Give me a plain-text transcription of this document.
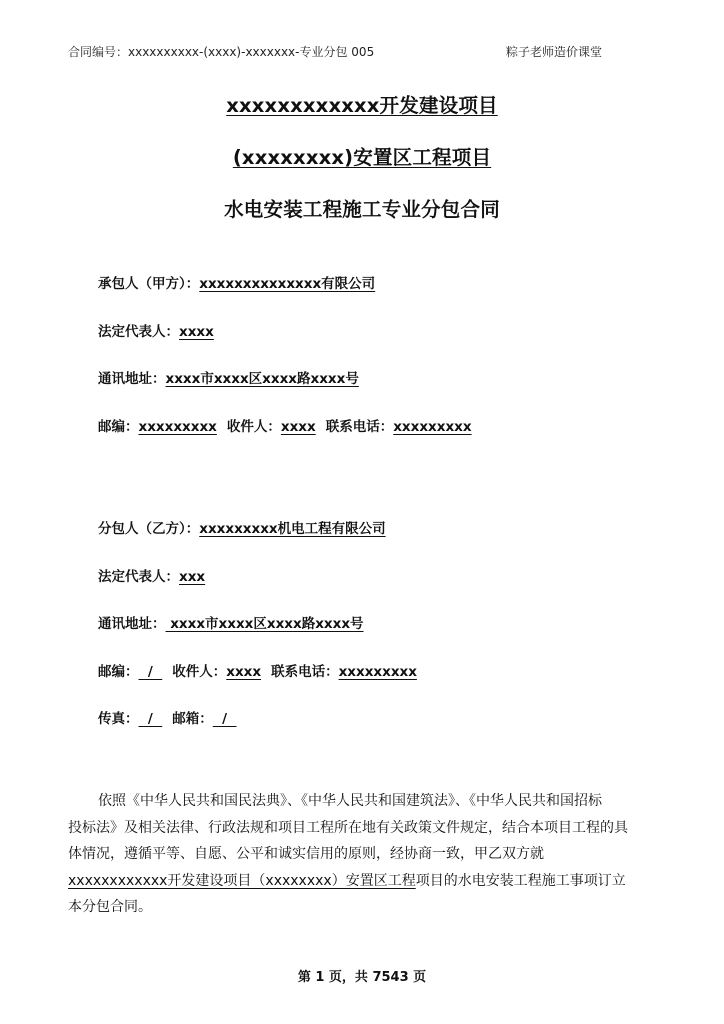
合同编号：xxxxxxxxxx-(xxxx)-xxxxxxx-专业分包 005	粽子老师造价课堂
xxxxxxxxxxxx开发建设项目
(xxxxxxxx)安置区工程项目
水电安装工程施工专业分包合同
承包人（甲方）：xxxxxxxxxxxxxx有限公司
法定代表人：xxxx
通讯地址：xxxx市xxxx区xxxx路xxxx号
邮编：xxxxxxxxx 收件人：xxxx 联系电话：xxxxxxxxx
分包人（乙方）：xxxxxxxxx机电工程有限公司
法定代表人：xxx
通讯地址： xxxx市xxxx区xxxx路xxxx号
邮编：  /  收件人：xxxx 联系电话：xxxxxxxxx
传真：  /  邮箱：  /
依照《中华人民共和国民法典》、《中华人民共和国建筑法》、《中华人民共和国招标
投标法》及相关法律、行政法规和项目工程所在地有关政策文件规定，结合本项目工程的具
体情况，遵循平等、自愿、公平和诚实信用的原则，经协商一致，甲乙双方就
xxxxxxxxxxxx开发建设项目（xxxxxxxx）安置区工程项目的水电安装工程施工事项订立
本分包合同。
第 1 页，共 7543 页
